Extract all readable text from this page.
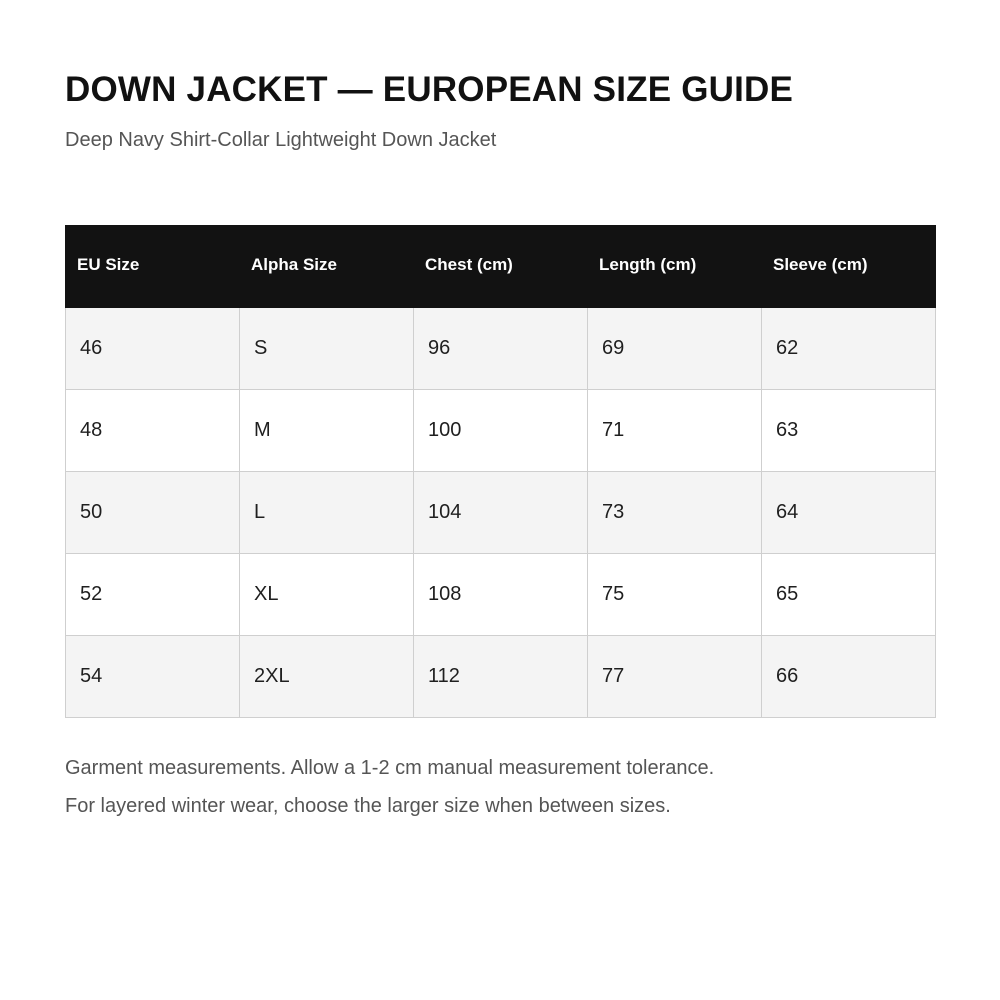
DOWN JACKET — EUROPEAN SIZE GUIDE

Deep Navy Shirt-Collar Lightweight Down Jacket

EU Size	Alpha Size	Chest (cm)	Length (cm)	Sleeve (cm)
46	S	96	69	62
48	M	100	71	63
50	L	104	73	64
52	XL	108	75	65
54	2XL	112	77	66

Garment measurements. Allow a 1-2 cm manual measurement tolerance.

For layered winter wear, choose the larger size when between sizes.
